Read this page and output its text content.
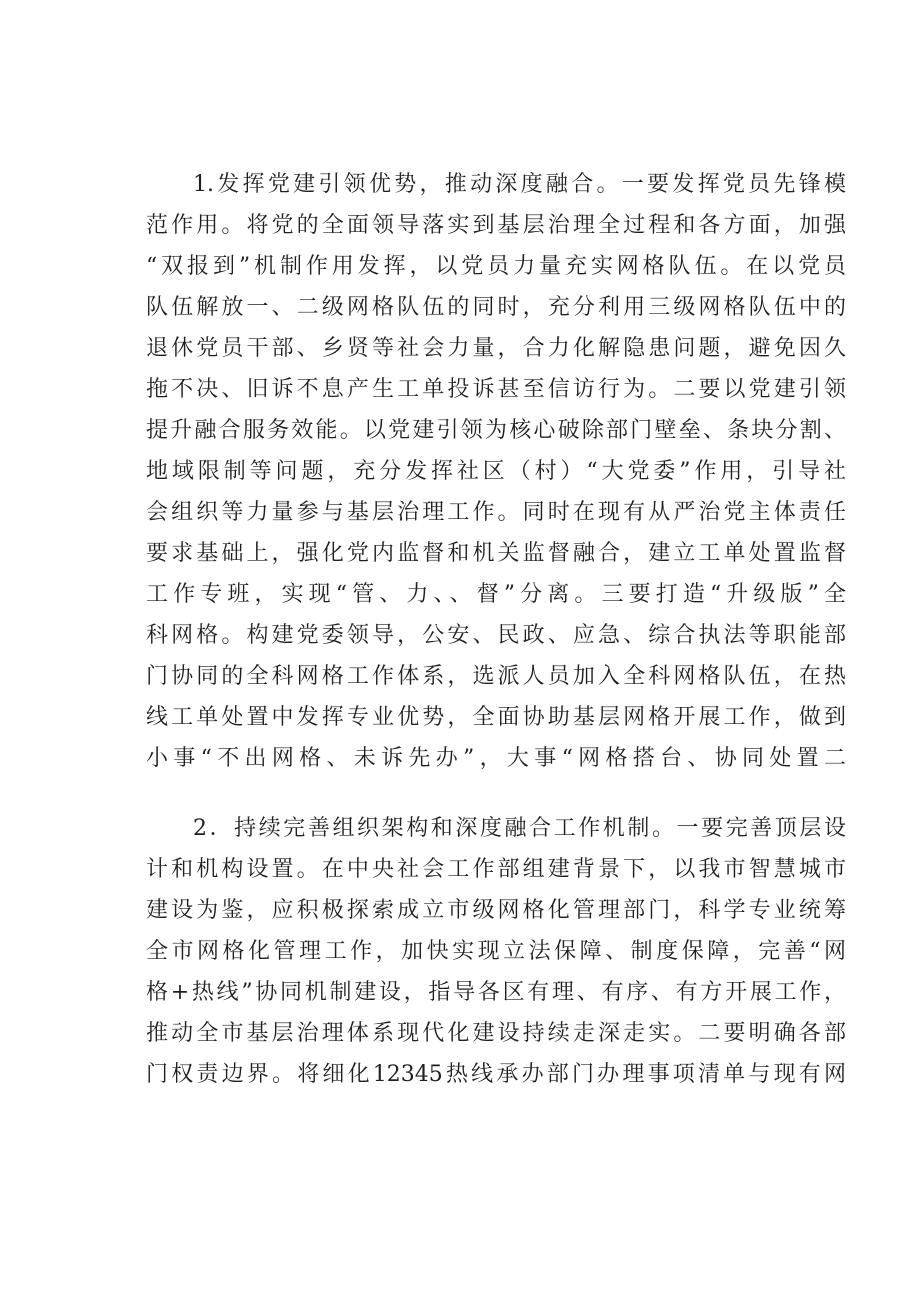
1.发挥党建引领优势，推动深度融合。一要发挥党员先锋模
范作用。将党的全面领导落实到基层治理全过程和各方面，加强
“双报到”机制作用发挥，以党员力量充实网格队伍。在以党员
队伍解放一、二级网格队伍的同时，充分利用三级网格队伍中的
退休党员干部、乡贤等社会力量，合力化解隐患问题，避免因久
拖不决、旧诉不息产生工单投诉甚至信访行为。二要以党建引领
提升融合服务效能。以党建引领为核心破除部门壁垒、条块分割、
地域限制等问题，充分发挥社区（村）“大党委”作用，引导社
会组织等力量参与基层治理工作。同时在现有从严治党主体责任
要求基础上，强化党内监督和机关监督融合，建立工单处置监督
工作专班，实现“管、力、、督”分离。三要打造“升级版”全
科网格。构建党委领导，公安、民政、应急、综合执法等职能部
门协同的全科网格工作体系，选派人员加入全科网格队伍，在热
线工单处置中发挥专业优势，全面协助基层网格开展工作，做到
小事“不出网格、未诉先办”，大事“网格搭台、协同处置二
2．持续完善组织架构和深度融合工作机制。一要完善顶层设
计和机构设置。在中央社会工作部组建背景下，以我市智慧城市
建设为鉴，应积极探索成立市级网格化管理部门，科学专业统筹
全市网格化管理工作，加快实现立法保障、制度保障，完善“网
格+热线”协同机制建设，指导各区有理、有序、有方开展工作，
推动全市基层治理体系现代化建设持续走深走实。二要明确各部
门权责边界。将细化12345热线承办部门办理事项清单与现有网
